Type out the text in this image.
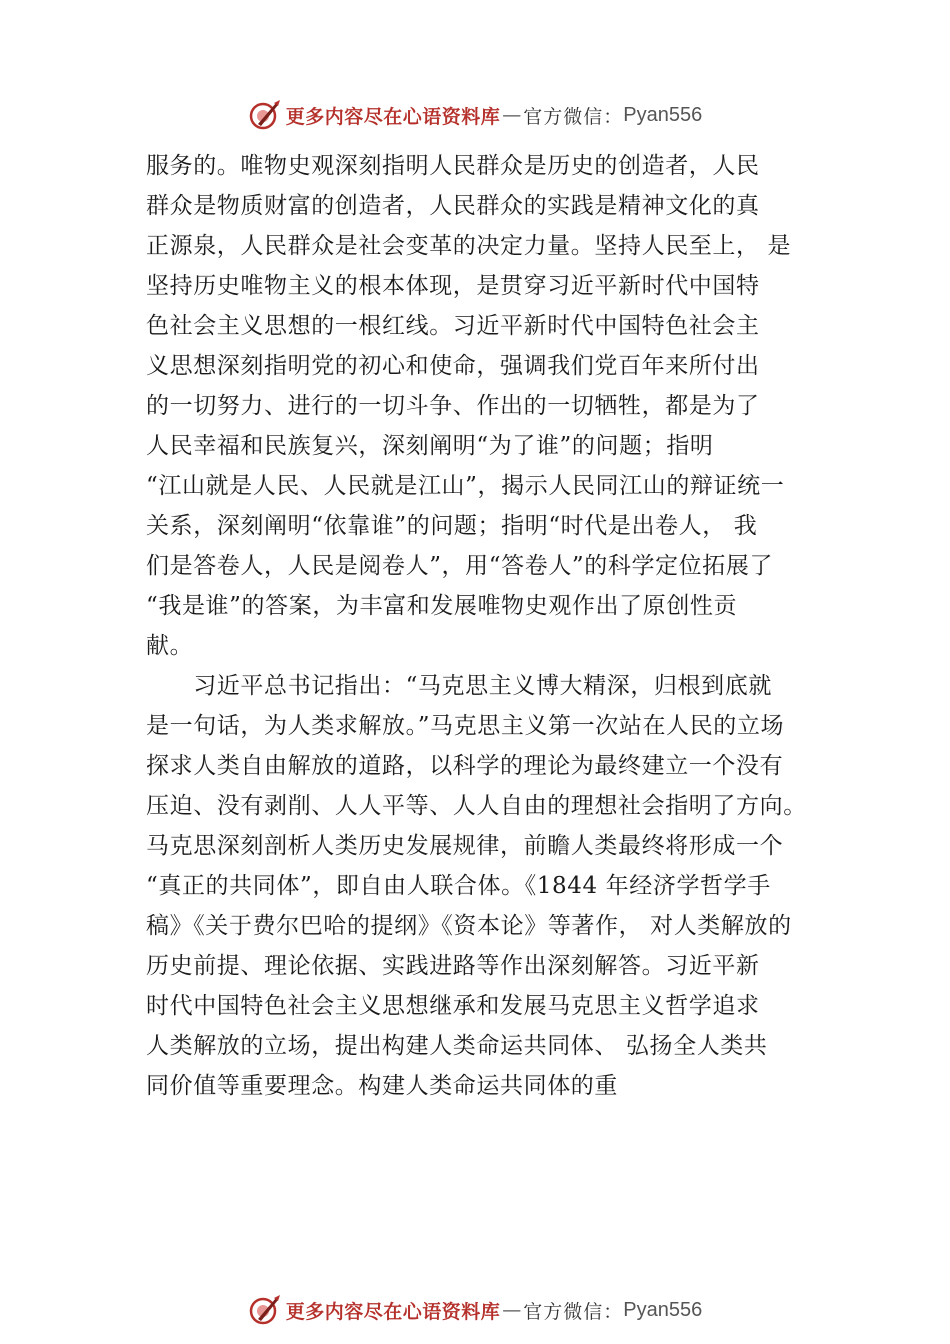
更多内容尽在心语资料库 — 官方微信： Pyan556
服务的。唯物史观深刻指明人民群众是历史的创造者，人民
群众是物质财富的创造者，人民群众的实践是精神文化的真
正源泉，人民群众是社会变革的决定力量。坚持人民至上， 是
坚持历史唯物主义的根本体现，是贯穿习近平新时代中国特
色社会主义思想的一根红线。习近平新时代中国特色社会主
义思想深刻指明党的初心和使命，强调我们党百年来所付出
的一切努力、进行的一切斗争、作出的一切牺牲，都是为了
人民幸福和民族复兴，深刻阐明“为了谁”的问题；指明
“江山就是人民、人民就是江山”，揭示人民同江山的辩证统一
关系，深刻阐明“依靠谁”的问题；指明“时代是出卷人， 我
们是答卷人，人民是阅卷人”，用“答卷人”的科学定位拓展了
“我是谁”的答案，为丰富和发展唯物史观作出了原创性贡
献。
　　习近平总书记指出：“马克思主义博大精深，归根到底就
是一句话，为人类求解放。”马克思主义第一次站在人民的立场
探求人类自由解放的道路，以科学的理论为最终建立一个没有
压迫、没有剥削、人人平等、人人自由的理想社会指明了方向。
马克思深刻剖析人类历史发展规律，前瞻人类最终将形成一个
“真正的共同体”，即自由人联合体。《1844 年经济学哲学手
稿》《关于费尔巴哈的提纲》《资本论》等著作， 对人类解放的
历史前提、理论依据、实践进路等作出深刻解答。习近平新
时代中国特色社会主义思想继承和发展马克思主义哲学追求
人类解放的立场，提出构建人类命运共同体、 弘扬全人类共
同价值等重要理念。构建人类命运共同体的重
更多内容尽在心语资料库 — 官方微信： Pyan556
